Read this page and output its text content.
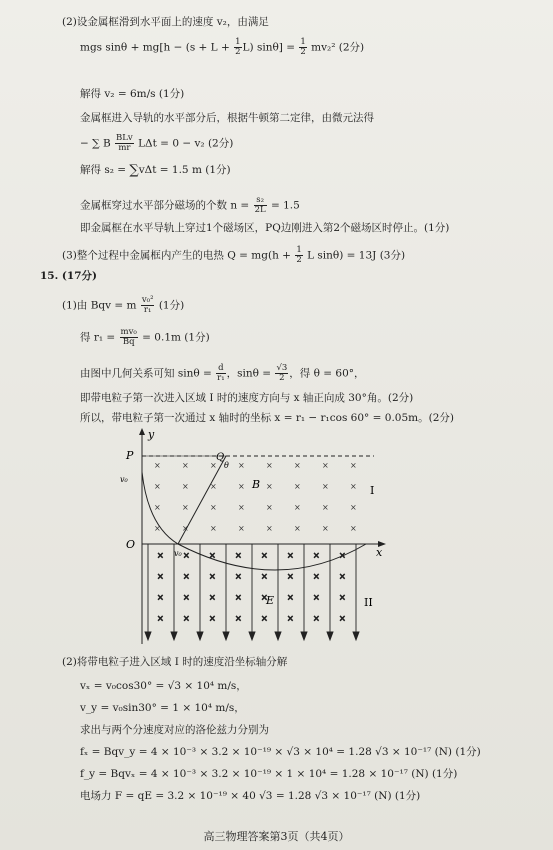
(2)设金属框滑到水平面上的速度 v₂，由满足
mgs $\sin\theta + mg[h - (s + L + \frac{1}{2} L)$ $\sin\theta] = \frac{1}{2} mv_2^2$ (2分)
解得 v₂ = 6m/s (1分)
金属框进入导轨的水平部分后，根据牛顿第二定律，由微元法得
− ∑ B $\frac{\text{BLv}}{mr}$ LΔt = 0 − v₂ (2分)
解得 s₂ = ∑vΔt = 1.5 m (1分)
金属框穿过水平部分磁场的个数 $n = \frac{\text{s₂}}{2L} = 1.5$
即金属框在水平导轨上穿过1个磁场区，PQ边刚进入第2个磁场区时停止。(1分)
(3)整个过程中金属框内产生的电热 $Q = mg(h + \frac{1}{2}$ L sinθ) = 13J (3分)
15. (17分)
(1)由 Bqv = m $\frac{\text{v₀²}}{\text{r₁}} (1$分)
得 $r_1 = \frac{\text{mv₀}}{Bq} = 0.1m$ (1分)
由图中几何关系可知 $\sin\theta = \frac{d}{\text{r₁}}$ ，$\sin\theta = \frac{√3}{2}$ ，得 θ = 60°，
即带电粒子第一次进入区域 I 时的速度方向与 x 轴正向成 30°角。(2分)
所以，带电粒子第一次通过 x 轴时的坐标 x = r₁ − r₁cos 60° = 0.05m。(2分)
y
x
P
O
v₀
Q
θ
v₀
×	×	×	×	×	×	×	×
×	×	×	×	×	×	×	×
×	×	×	×	×	×	×	×
×	×	×	×	×	×	×	×
× × × × × × × ×
× × × × × × × ×
× × × × × × × ×
× × × × × × × ×
B	I
E	II
(2)将带电粒子进入区域 I 时的速度沿坐标轴分解
vₓ = v₀cos30° = √3 × 10⁴ m/s，
v_y = v₀sin30° = 1 × 10⁴ m/s，
求出与两个分速度对应的洛伦兹力分别为
fₓ = Bqv_y = 4 × 10⁻³ × 3.2 × 10⁻¹⁹ × √3 × 10⁴ = 1.28 √3 × 10⁻¹⁷ (N) (1分)
f_y = Bqvₓ = 4 × 10⁻³ × 3.2 × 10⁻¹⁹ × 1 × 10⁴ = 1.28 × 10⁻¹⁷ (N) (1分)
电场力 F = qE = 3.2 × 10⁻¹⁹ × 40 √3 = 1.28 √3 × 10⁻¹⁷ (N) (1分)
高三物理答案第3页（共4页）
